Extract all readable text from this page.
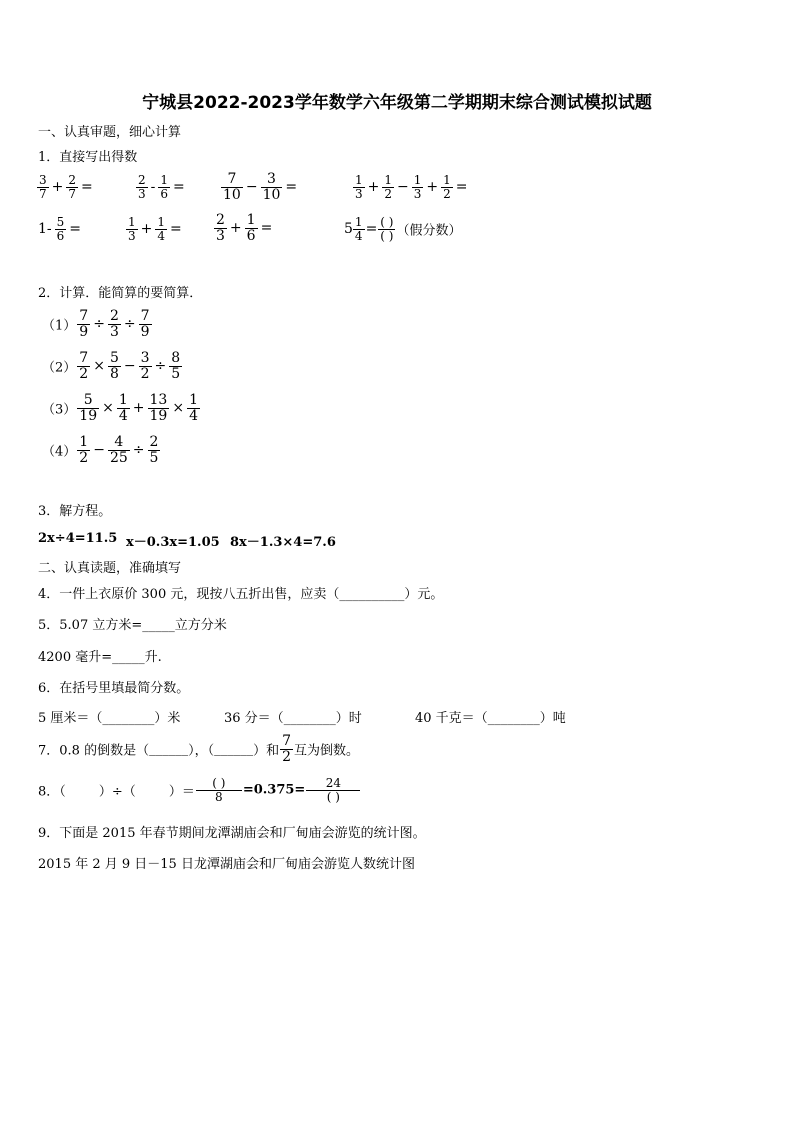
宁城县2022-2023学年数学六年级第二学期期末综合测试模拟试题
一、认真审题，细心计算
1．直接写出得数
$\frac{3}{7} + \frac{2}{7}$ =	$\frac{2}{3} - \frac{1}{6}$ =	$\frac{7}{10} - \frac{3}{10}$ =	$\frac{1}{3} + \frac{1}{2} - \frac{1}{3} + \frac{1}{2}$ =
$1- \frac{5}{6}$ =	$\frac{1}{3} + \frac{1}{4} = \frac{2}{3} + \frac{1}{6}$ =	$5 \frac{1}{4} = \frac{( )}{( )}$ （假分数）
2．计算．能简算的要简算．
$(1) \frac{7}{9} \div \frac{2}{3} \div \frac{7}{9}$
$(2) \frac{7}{2} \times \frac{5}{8} - \frac{3}{2} \div \frac{8}{5}$
$(3) \frac{5}{19} \times \frac{1}{4} + \frac{13}{19} \times \frac{1}{4}$
$(4) \frac{1}{2} - \frac{4}{25} \div \frac{2}{5}$
3．解方程。
2x÷4=11.5 x－0.3x=1.05 8x－1.3×4=7.6
二、认真读题，准确填写
4．一件上衣原价 300 元，现按八五折出售，应卖（__________）元。
5．5.07 立方米=_____立方分米
4200 毫升=_____升.
6．在括号里填最简分数。
5 厘米＝（________）米	36 分＝（________）时	40 千克＝（________）吨
7．0.8 的倒数是（______），（______）和 $\frac{7}{2}$ 互为倒数。
8．（	）÷（	）＝ $\frac{( )}{8} =0.375= \frac{24}{( )}$
9．下面是 2015 年春节期间龙潭湖庙会和厂甸庙会游览的统计图。
2015 年 2 月 9 日－15 日龙潭湖庙会和厂甸庙会游览人数统计图
